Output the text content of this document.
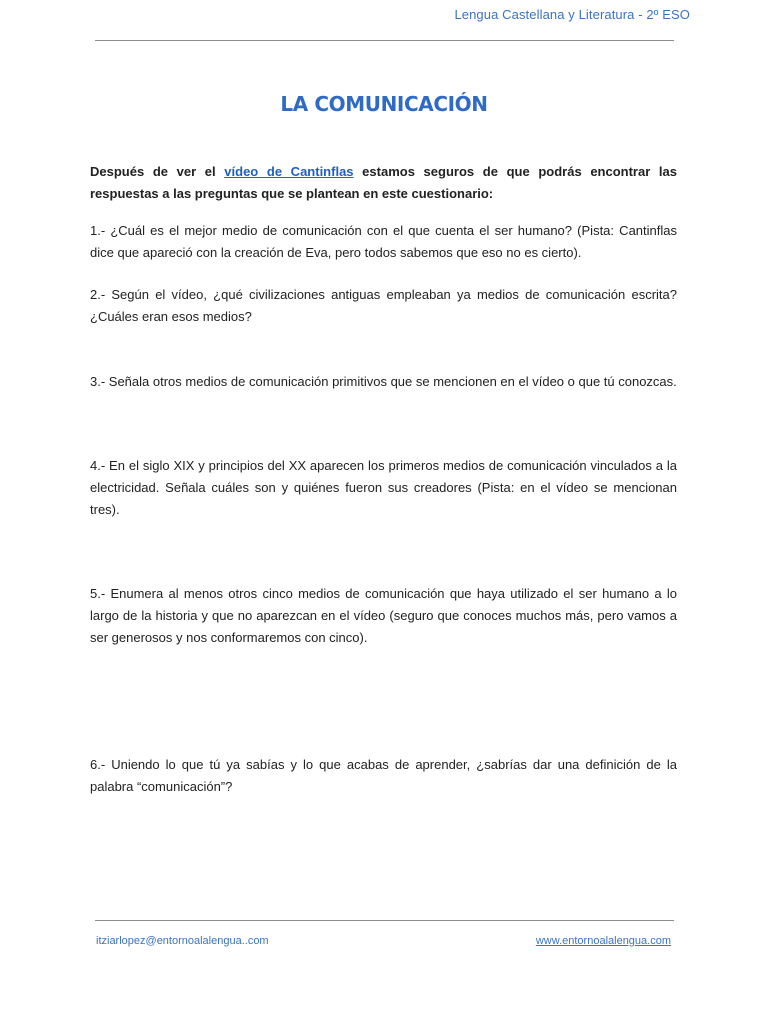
Lengua Castellana y Literatura - 2º ESO
LA COMUNICACIÓN

Después de ver el vídeo de Cantinflas estamos seguros de que podrás encontrar las respuestas a las preguntas que se plantean en este cuestionario:

1.- ¿Cuál es el mejor medio de comunicación con el que cuenta el ser humano? (Pista: Cantinflas dice que apareció con la creación de Eva, pero todos sabemos que eso no es cierto).

2.- Según el vídeo, ¿qué civilizaciones antiguas empleaban ya medios de comunicación escrita? ¿Cuáles eran esos medios?

3.- Señala otros medios de comunicación primitivos que se mencionen en el vídeo o que tú conozcas.

4.- En el siglo XIX y principios del XX aparecen los primeros medios de comunicación vinculados a la electricidad. Señala cuáles son y quiénes fueron sus creadores (Pista: en el vídeo se mencionan tres).

5.- Enumera al menos otros cinco medios de comunicación que haya utilizado el ser humano a lo largo de la historia y que no aparezcan en el vídeo (seguro que conoces muchos más, pero vamos a ser generosos y nos conformaremos con cinco).

6.- Uniendo lo que tú ya sabías y lo que acabas de aprender, ¿sabrías dar una definición de la palabra “comunicación”?

itziarlopez@entornoalalengua..com	www.entornoalalengua.com
